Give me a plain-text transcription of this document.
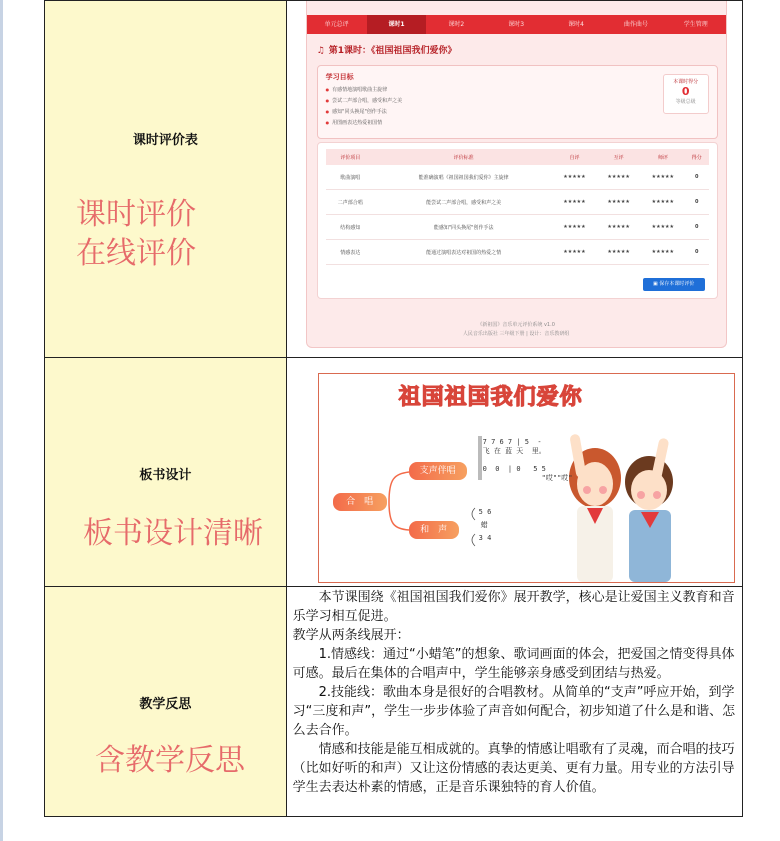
课时评价表
课时评价
在线评价

单元总评	课时1	课时2	课时3	课时4	曲作曲号	学生管理
♫ 第1课时：《祖国祖国我们爱你》
学习目标
● 有感情地演唱歌曲主旋律
● 尝试二声部合唱，感受和声之美
● 感知"同头换尾"创作手法
● 用图画表达热爱祖国情
本课时得分
0
等级总级
评价项目	评价标准	自评	互评	师评	得分
歌曲演唱	能准确演唱《祖国祖国我们爱你》主旋律	★★★★★	★★★★★	★★★★★	0
二声部合唱	能尝试二声部合唱，感受和声之美	★★★★★	★★★★★	★★★★★	0
结构感知	能感知"同头换尾"创作手法	★★★★★	★★★★★	★★★★★	0
情感表达	能通过演唱表达对祖国的热爱之情	★★★★★	★★★★★	★★★★★	0
▣ 保存本课时评价
《新祖国》音乐单元评价系统 v1.0
人民音乐出版社 三年级下册 | 设计：音乐教研组

板书设计
板书设计清晰

祖国祖国我们爱你
合　唱
支声伴唱
和　声
7 7 6 7 | 5  -
飞 在 蓝 天  里。

0  0  | 0   5 5
"哎""哎"
5 6
蜡
3 4

教学反思
含教学反思

本节课围绕《祖国祖国我们爱你》展开教学，核心是让爱国主义教育和音乐学习相互促进。

教学从两条线展开：

1.情感线：通过“小蜡笔”的想象、歌词画面的体会，把爱国之情变得具体可感。最后在集体的合唱声中，学生能够亲身感受到团结与热爱。

2.技能线：歌曲本身是很好的合唱教材。从简单的“支声”呼应开始，到学习“三度和声”，学生一步步体验了声音如何配合，初步知道了什么是和谐、怎么去合作。

情感和技能是能互相成就的。真挚的情感让唱歌有了灵魂，而合唱的技巧（比如好听的和声）又让这份情感的表达更美、更有力量。用专业的方法引导学生去表达朴素的情感，正是音乐课独特的育人价值。
